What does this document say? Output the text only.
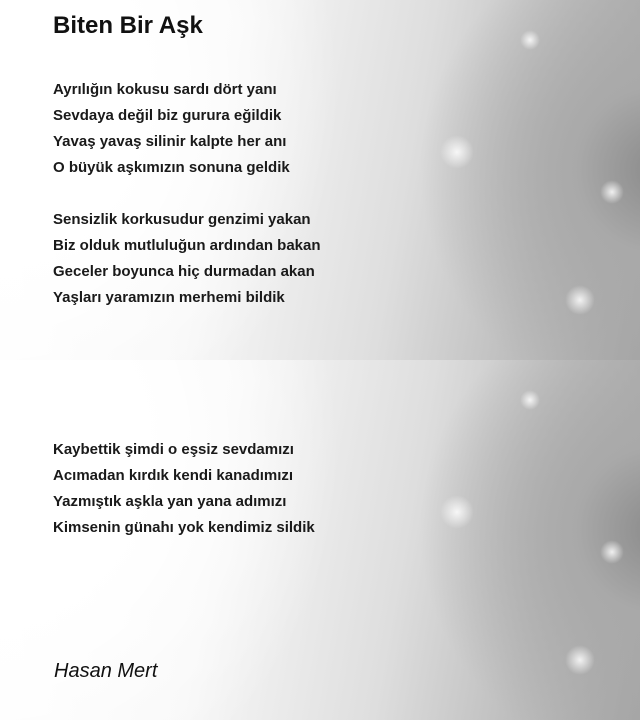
Biten Bir Aşk
Ayrılığın kokusu sardı dört yanı
Sevdaya değil biz gurura eğildik
Yavaş yavaş silinir kalpte her anı
O büyük aşkımızın sonuna geldik
Sensizlik korkusudur genzimi yakan
Biz olduk mutluluğun ardından bakan
Geceler boyunca hiç durmadan akan
Yaşları yaramızın merhemi bildik
Kaybettik şimdi o eşsiz sevdamızı
Acımadan kırdık kendi kanadımızı
Yazmıştık aşkla yan yana adımızı
Kimsenin günahı yok kendimiz sildik

Hasan Mert
